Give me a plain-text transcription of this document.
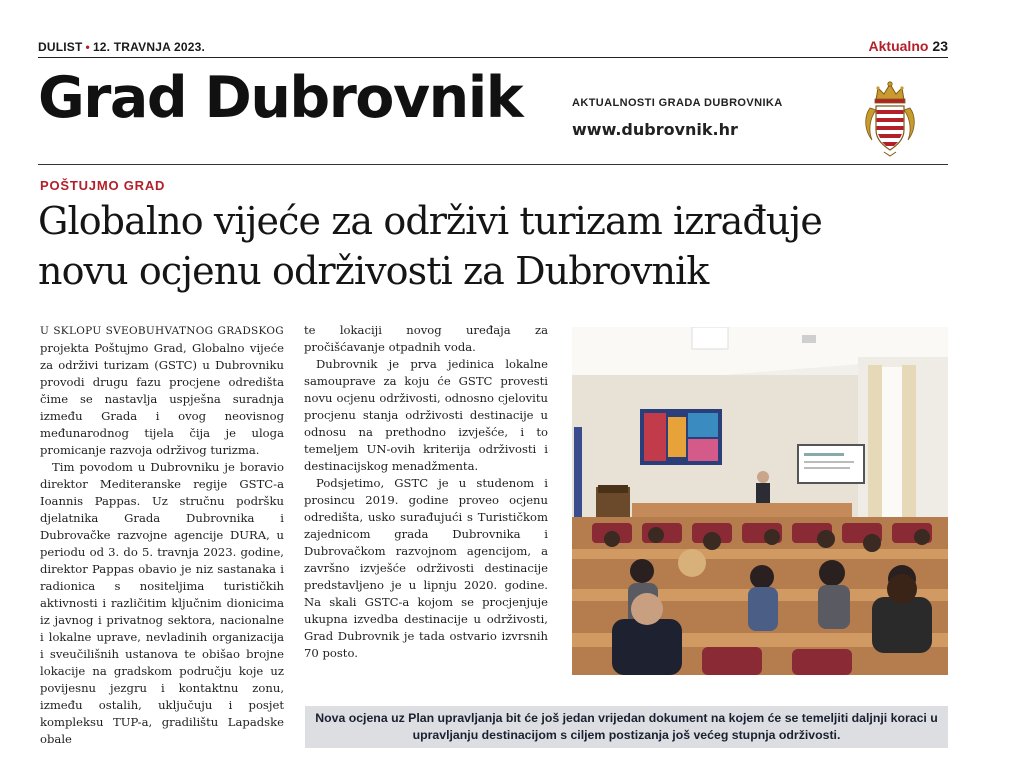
DULIST • 12. TRAVNJA 2023.	Aktualno 23
Grad Dubrovnik	AKTUALNOSTI GRADA DUBROVNIKA
www.dubrovnik.hr
POŠTUJMO GRAD
Globalno vijeće za održivi turizam izrađuje
novu ocjenu održivosti za Dubrovnik

U SKLOPU SVEOBUHVATNOG GRADSKOG projekta Poštujmo Grad, Globalno vijeće za održivi turizam (GSTC) u Dubrovniku provodi drugu fazu procjene odredišta čime se nastavlja uspješna suradnja između Grada i ovog neovisnog međunarodnog tijela čija je uloga promicanje razvoja održivog turizma.

Tim povodom u Dubrovniku je boravio direktor Mediteranske regije GSTC-a Ioannis Pappas. Uz stručnu podršku djelatnika Grada Dubrovnika i Dubrovačke razvojne agencije DURA, u periodu od 3. do 5. travnja 2023. godine, direktor Pappas obavio je niz sastanaka i radionica s nositeljima turističkih aktivnosti i različitim ključnim dionicima iz javnog i privatnog sektora, nacionalne i lokalne uprave, nevladinih organizacija i sveučilišnih ustanova te obišao brojne lokacije na gradskom području koje uz povijesnu jezgru i kontaktnu zonu, između ostalih, uključuju i posjet kompleksu TUP-a, gradilištu Lapadske obale

te lokaciji novog uređaja za pročišćavanje otpadnih voda.

Dubrovnik je prva jedinica lokalne samouprave za koju će GSTC provesti novu ocjenu održivosti, odnosno cjelovitu procjenu stanja održivosti destinacije u odnosu na prethodno izvješće, i to temeljem UN-ovih kriterija održivosti i destinacijskog menadžmenta.

Podsjetimo, GSTC je u studenom i prosincu 2019. godine proveo ocjenu odredišta, usko surađujući s Turističkom zajednicom grada Dubrovnika i Dubrovačkom razvojnom agencijom, a završno izvješće održivosti destinacije predstavljeno je u lipnju 2020. godine. Na skali GSTC-a kojom se procjenjuje ukupna izvedba destinacije u održivosti, Grad Dubrovnik je tada ostvario izvrsnih 70 posto.

Nova ocjena uz Plan upravljanja bit će još jedan vrijedan dokument na kojem će se temeljiti daljnji koraci u upravljanju destinacijom s ciljem postizanja još većeg stupnja održivosti.
